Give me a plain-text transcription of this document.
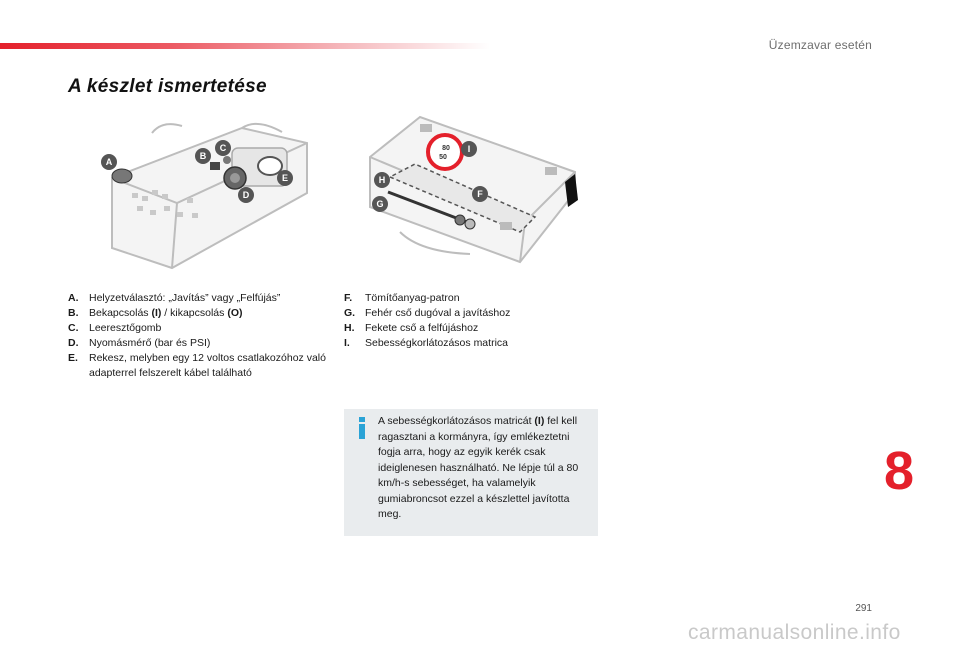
Üzemzavar esetén
A készlet ismertetése
A
B
C
D
E
80
50
I
H
F
G
A.	Helyzetválasztó: „Javítás” vagy „Felfújás”
B.	Bekapcsolás (I) / kikapcsolás (O)
C.	Leeresztőgomb
D.	Nyomásmérő (bar és PSI)
E.	Rekesz, melyben egy 12 voltos csatlakozóhoz való adapterrel felszerelt kábel található
F.	Tömítőanyag-patron
G. Fehér cső dugóval a javításhoz
H.	Fekete cső a felfújáshoz
I.	Sebességkorlátozásos matrica
A sebességkorlátozásos matricát (I) fel kell ragasztani a kormányra, így emlékeztetni fogja arra, hogy az egyik kerék csak ideiglenesen használható. Ne lépje túl a 80 km/h-s sebességet, ha valamelyik gumiabroncsot ezzel a készlettel javította meg.
8
291
carmanualsonline.info
